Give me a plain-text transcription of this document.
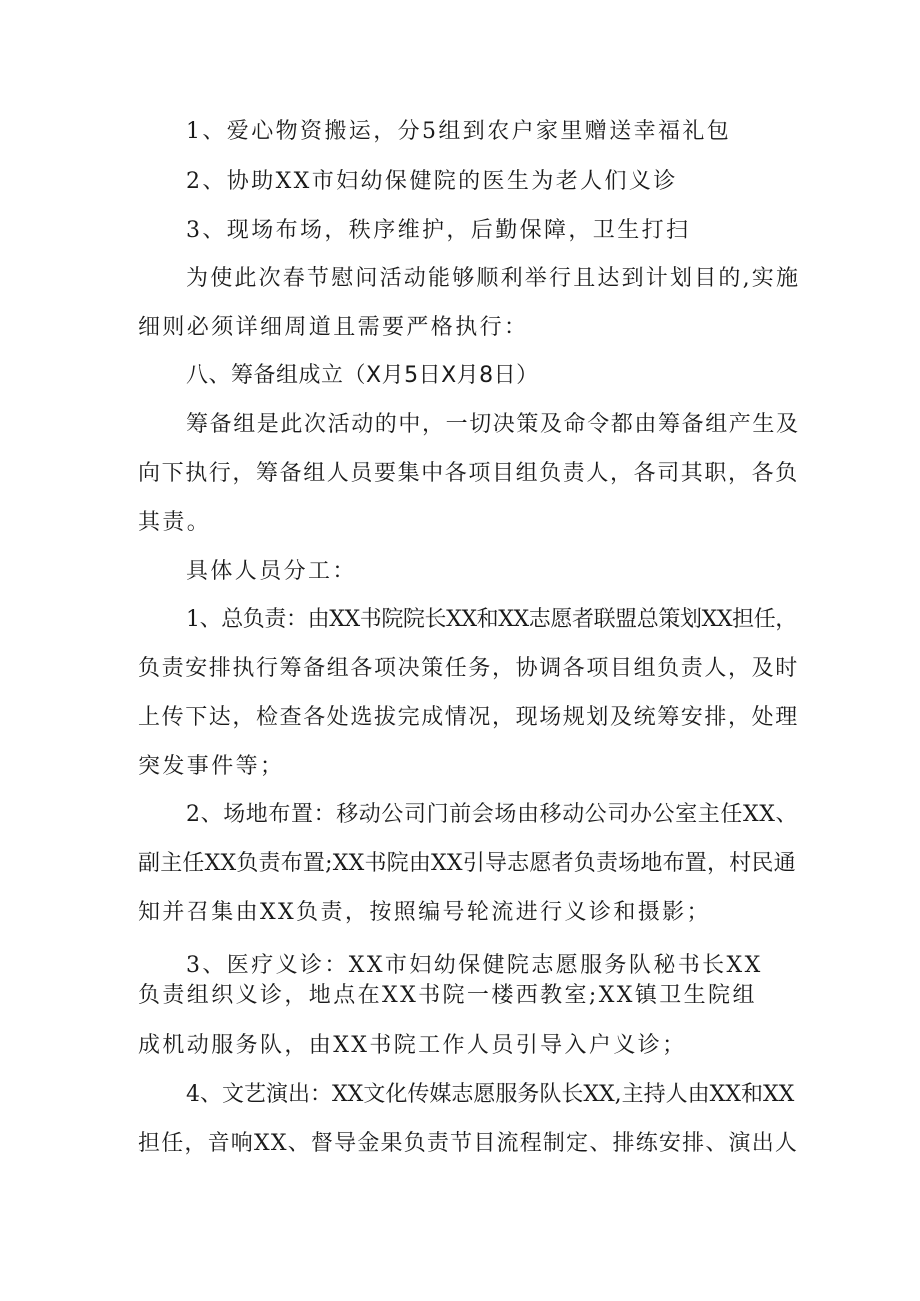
1、爱心物资搬运，分5组到农户家里赠送幸福礼包
2、协助XX市妇幼保健院的医生为老人们义诊
3、现场布场，秩序维护，后勤保障，卫生打扫
为使此次春节慰问活动能够顺利举行且达到计划目的,实施
细则必须详细周道且需要严格执行：
八、筹备组成立（X月5日X月8日）
筹备组是此次活动的中，一切决策及命令都由筹备组产生及
向下执行，筹备组人员要集中各项目组负责人，各司其职，各负
其责。
具体人员分工：
1、总负责：由XX书院院长XX和XX志愿者联盟总策划XX担任，
负责安排执行筹备组各项决策任务，协调各项目组负责人，及时
上传下达，检查各处选拔完成情况，现场规划及统筹安排，处理
突发事件等；
2、场地布置：移动公司门前会场由移动公司办公室主任XX、
副主任XX负责布置;XX书院由XX引导志愿者负责场地布置，村民通
知并召集由XX负责，按照编号轮流进行义诊和摄影；
3、医疗义诊：XX市妇幼保健院志愿服务队秘书长XX
负责组织义诊，地点在XX书院一楼西教室;XX镇卫生院组
成机动服务队，由XX书院工作人员引导入户义诊；
4、文艺演出：XX文化传媒志愿服务队长XX,主持人由XX和XX
担任，音响XX、督导金果负责节目流程制定、排练安排、演出人
